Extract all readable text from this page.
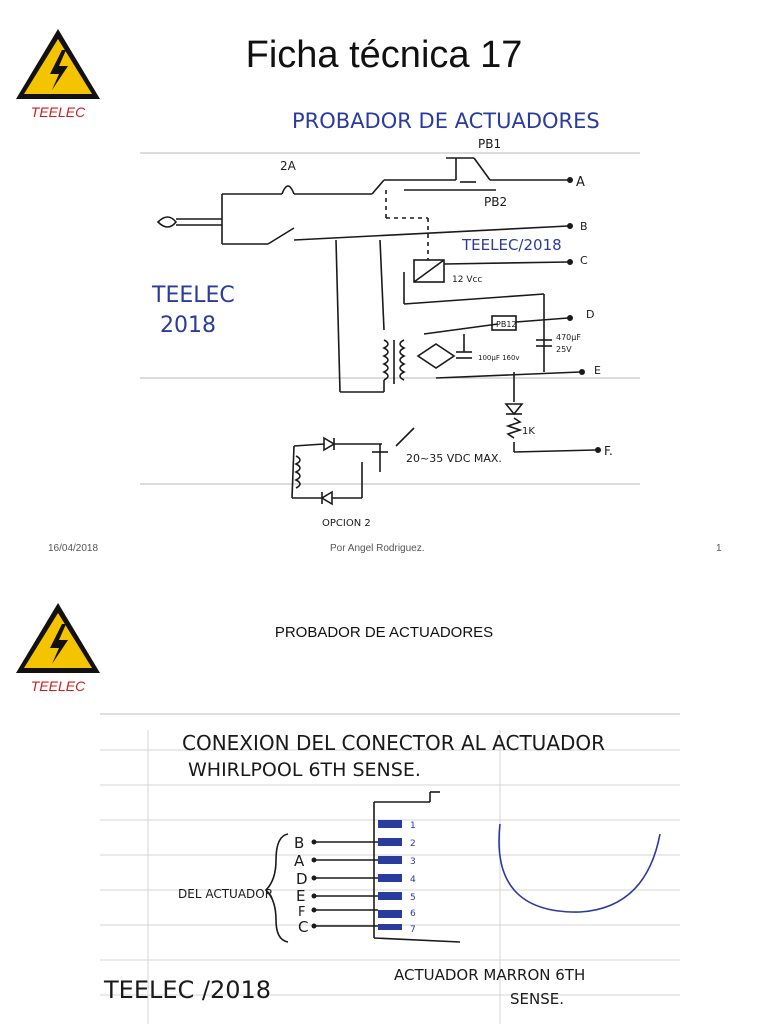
TEELEC
Ficha técnica 17
PROBADOR DE ACTUADORES
2A
PB1
PB2
12 Vcc
PB12
100µF 160v
470µF
25V
1K
20~35 VDC MAX.
OPCION 2
A
B
C
D
E
F.
TEELEC/2018
TEELEC
2018
16/04/2018	Por Angel Rodriguez.	1
TEELEC
PROBADOR DE ACTUADORES
CONEXION DEL CONECTOR AL ACTUADOR
WHIRLPOOL 6TH SENSE.
B
A
D
E
F
C
1
2
3
4
5
6
7
DEL ACTUADOR
TEELEC /2018
ACTUADOR MARRON 6TH
SENSE.
